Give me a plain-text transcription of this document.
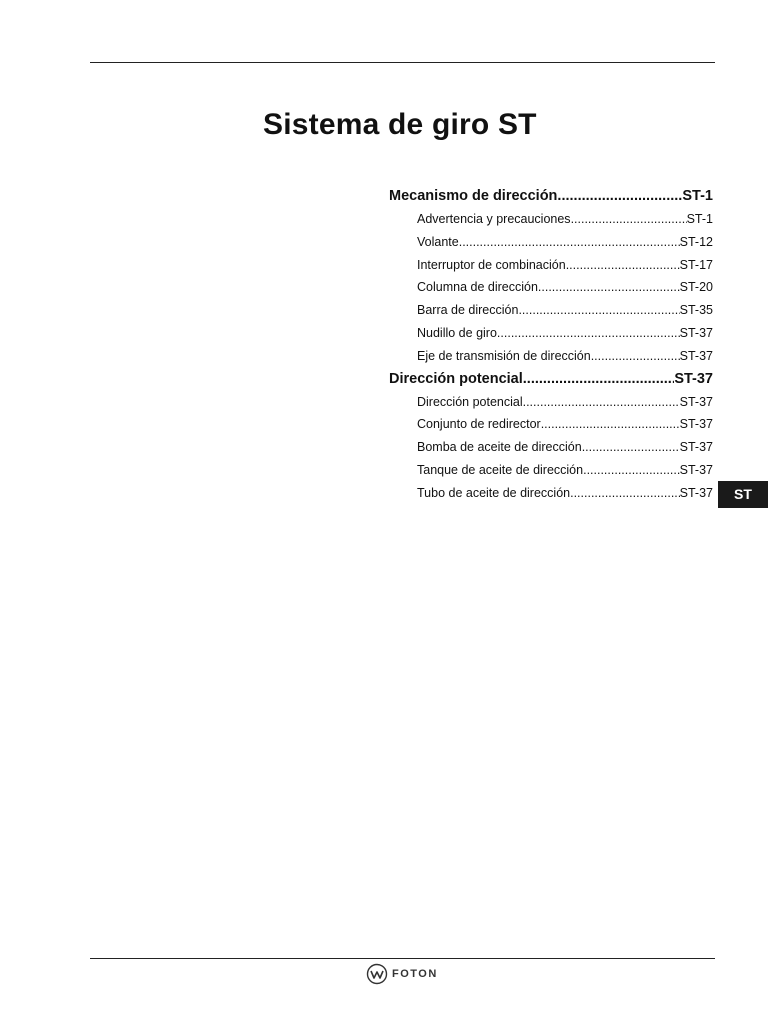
Sistema de giro ST
Mecanismo de dirección .....	ST-1
Advertencia y precauciones .....	ST-1
Volante .....	ST-12
Interruptor de combinación .....	ST-17
Columna de dirección .....	ST-20
Barra de dirección .....	ST-35
Nudillo de giro .....	ST-37
Eje de transmisión de dirección .....	ST-37
Dirección potencial .....	ST-37
Dirección potencial .....	ST-37
Conjunto de redirector .....	ST-37
Bomba de aceite de dirección .....	ST-37
Tanque de aceite de dirección .....	ST-37
Tubo de aceite de dirección .....	ST-37	ST
FOTON
